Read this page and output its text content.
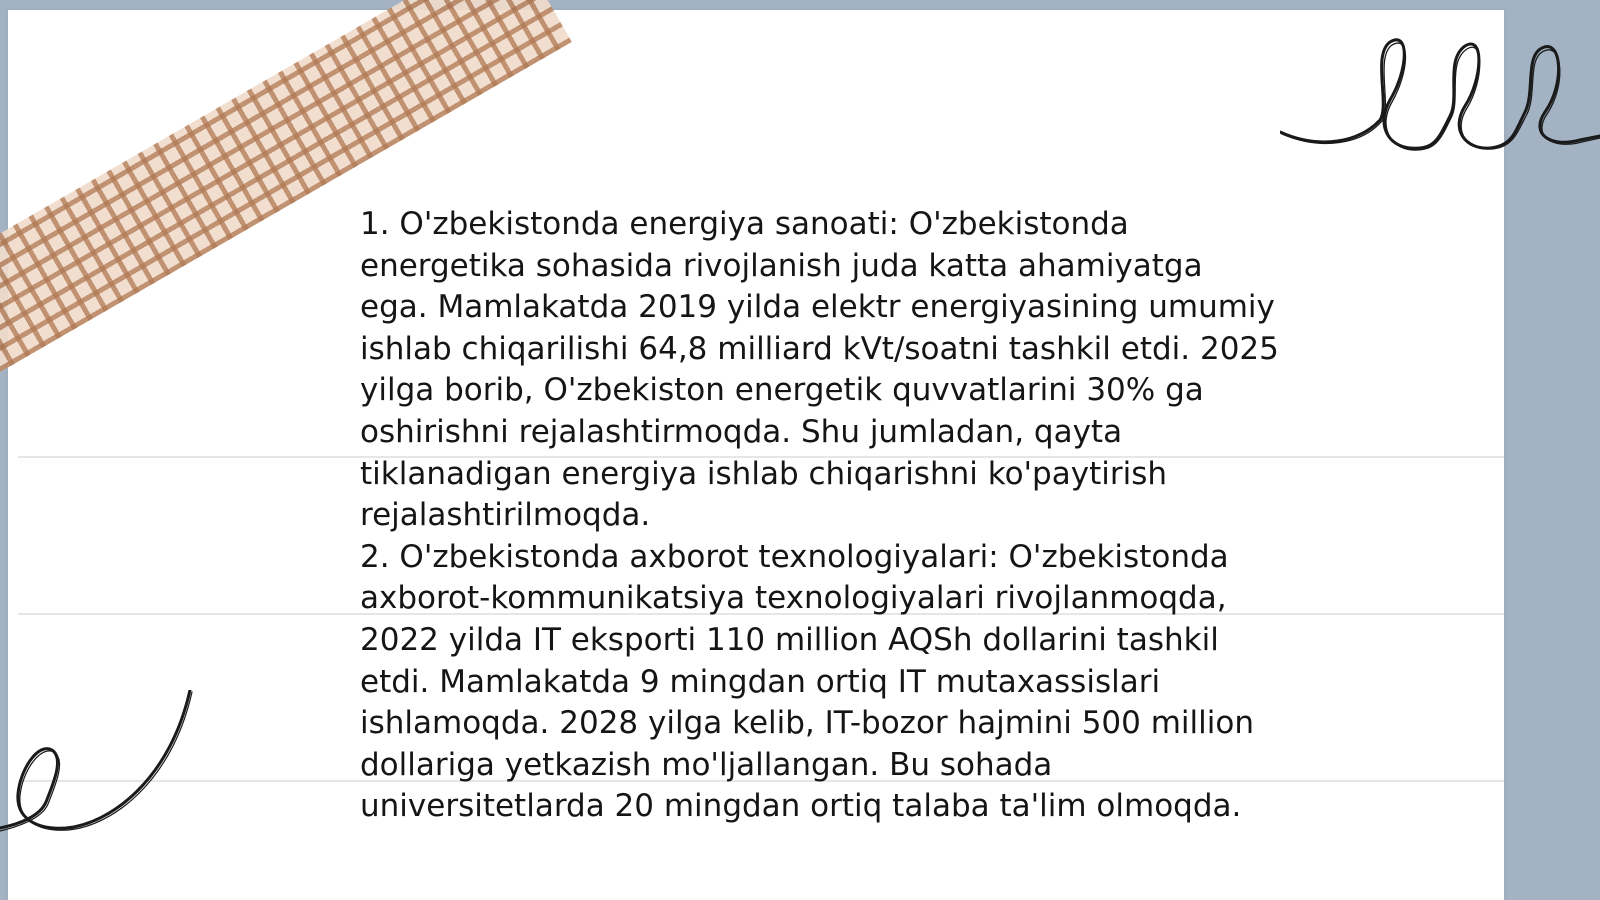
1. O'zbekistonda energiya sanoati: O'zbekistonda energetika sohasida rivojlanish juda katta ahamiyatga ega. Mamlakatda 2019 yilda elektr energiyasining umumiy ishlab chiqarilishi 64,8 milliard kVt/soatni tashkil etdi. 2025 yilga borib, O'zbekiston energetik quvvatlarini 30% ga oshirishni rejalashtirmoqda. Shu jumladan, qayta tiklanadigan energiya ishlab chiqarishni ko'paytirish rejalashtirilmoqda.

2. O'zbekistonda axborot texnologiyalari: O'zbekistonda axborot-kommunikatsiya texnologiyalari rivojlanmoqda, 2022 yilda IT eksporti 110 million AQSh dollarini tashkil etdi. Mamlakatda 9 mingdan ortiq IT mutaxassislari ishlamoqda. 2028 yilga kelib, IT-bozor hajmini 500 million dollariga yetkazish mo'ljallangan. Bu sohada universitetlarda 20 mingdan ortiq talaba ta'lim olmoqda.
